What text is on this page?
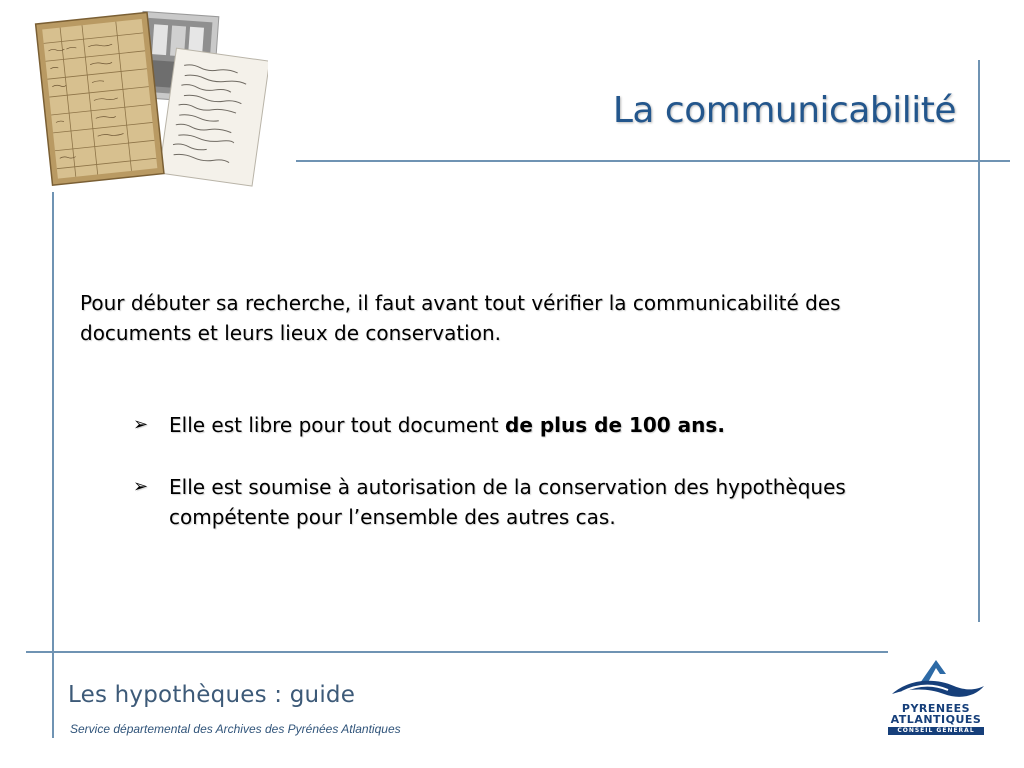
La communicabilité
Pour débuter sa recherche, il faut avant tout vérifier la communicabilité des documents et leurs lieux de conservation.
➢ Elle est libre pour tout document de plus de 100 ans.
➢ Elle est soumise à autorisation de la conservation des hypothèques compétente pour l’ensemble des autres cas.
Les hypothèques : guide
Service départemental des Archives des Pyrénées Atlantiques
PYRENEES
ATLANTIQUES
CONSEIL GENERAL
